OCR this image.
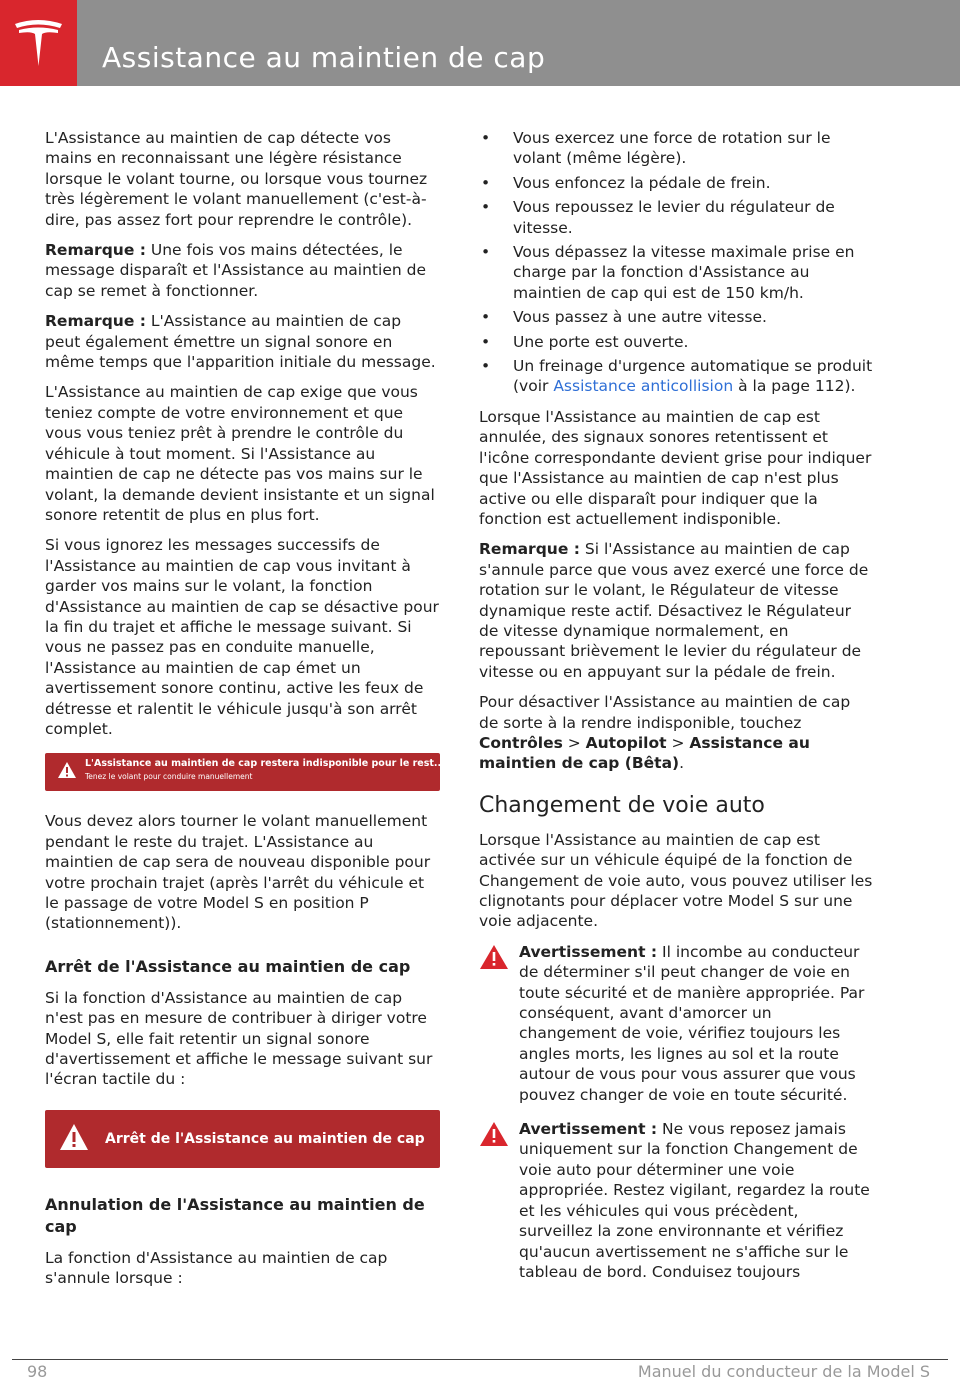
Assistance au maintien de cap

L'Assistance au maintien de cap détecte vos mains en reconnaissant une légère résistance lorsque le volant tourne, ou lorsque vous tournez très légèrement le volant manuellement (c'est-à-dire, pas assez fort pour reprendre le contrôle).

Remarque : Une fois vos mains détectées, le message disparaît et l'Assistance au maintien de cap se remet à fonctionner.

Remarque : L'Assistance au maintien de cap peut également émettre un signal sonore en même temps que l'apparition initiale du message.

L'Assistance au maintien de cap exige que vous teniez compte de votre environnement et que vous vous teniez prêt à prendre le contrôle du véhicule à tout moment. Si l'Assistance au maintien de cap ne détecte pas vos mains sur le volant, la demande devient insistante et un signal sonore retentit de plus en plus fort.

Si vous ignorez les messages successifs de l'Assistance au maintien de cap vous invitant à garder vos mains sur le volant, la fonction d'Assistance au maintien de cap se désactive pour la fin du trajet et affiche le message suivant. Si vous ne passez pas en conduite manuelle, l'Assistance au maintien de cap émet un avertissement sonore continu, active les feux de détresse et ralentit le véhicule jusqu'à son arrêt complet.

L'Assistance au maintien de cap restera indisponible pour le rest...
Tenez le volant pour conduire manuellement

Vous devez alors tourner le volant manuellement pendant le reste du trajet. L'Assistance au maintien de cap sera de nouveau disponible pour votre prochain trajet (après l'arrêt du véhicule et le passage de votre Model S en position P (stationnement)).

Arrêt de l'Assistance au maintien de cap

Si la fonction d'Assistance au maintien de cap n'est pas en mesure de contribuer à diriger votre Model S, elle fait retentir un signal sonore d'avertissement et affiche le message suivant sur l'écran tactile du :

Arrêt de l'Assistance au maintien de cap
Annulation de l'Assistance au maintien de cap

La fonction d'Assistance au maintien de cap s'annule lorsque :

• Vous exercez une force de rotation sur le volant (même légère).
• Vous enfoncez la pédale de frein.
• Vous repoussez le levier du régulateur de vitesse.
• Vous dépassez la vitesse maximale prise en charge par la fonction d'Assistance au maintien de cap qui est de 150 km/h.
• Vous passez à une autre vitesse.
• Une porte est ouverte.
• Un freinage d'urgence automatique se produit (voir Assistance anticollision à la page 112).

Lorsque l'Assistance au maintien de cap est annulée, des signaux sonores retentissent et l'icône correspondante devient grise pour indiquer que l'Assistance au maintien de cap n'est plus active ou elle disparaît pour indiquer que la fonction est actuellement indisponible.

Remarque : Si l'Assistance au maintien de cap s'annule parce que vous avez exercé une force de rotation sur le volant, le Régulateur de vitesse dynamique reste actif. Désactivez le Régulateur de vitesse dynamique normalement, en repoussant brièvement le levier du régulateur de vitesse ou en appuyant sur la pédale de frein.

Pour désactiver l'Assistance au maintien de cap de sorte à la rendre indisponible, touchez Contrôles > Autopilot > Assistance au maintien de cap (Bêta).

Changement de voie auto

Lorsque l'Assistance au maintien de cap est activée sur un véhicule équipé de la fonction de Changement de voie auto, vous pouvez utiliser les clignotants pour déplacer votre Model S sur une voie adjacente.

Avertissement : Il incombe au conducteur de déterminer s'il peut changer de voie en toute sécurité et de manière appropriée. Par conséquent, avant d'amorcer un changement de voie, vérifiez toujours les angles morts, les lignes au sol et la route autour de vous pour vous assurer que vous pouvez changer de voie en toute sécurité.
Avertissement : Ne vous reposez jamais uniquement sur la fonction Changement de voie auto pour déterminer une voie appropriée. Restez vigilant, regardez la route et les véhicules qui vous précèdent, surveillez la zone environnante et vérifiez qu'aucun avertissement ne s'affiche sur le tableau de bord. Conduisez toujours
98	Manuel du conducteur de la Model S
